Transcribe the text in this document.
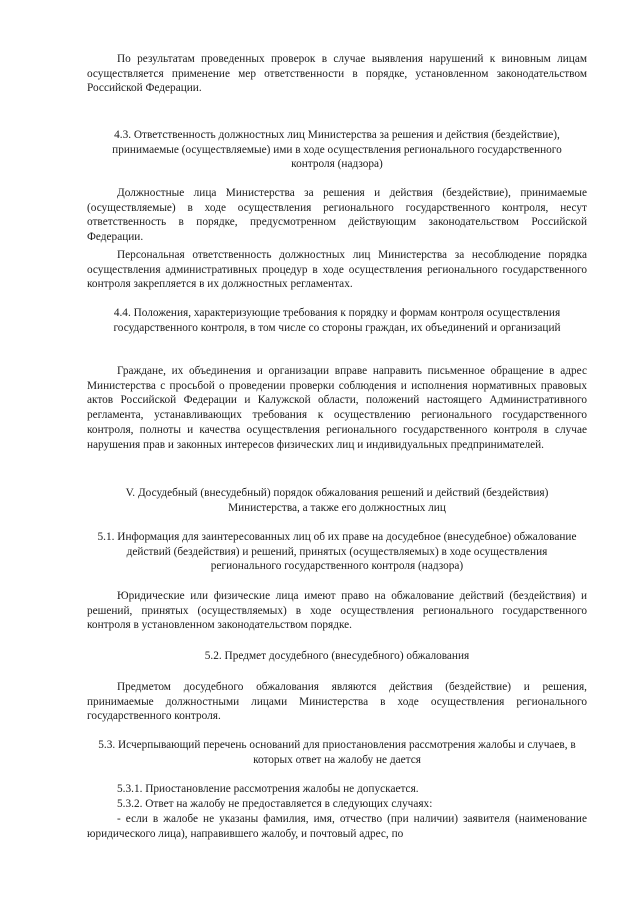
По результатам проведенных проверок в случае выявления нарушений к виновным лицам осуществляется применение мер ответственности в порядке, установленном законодательством Российской Федерации.

4.3. Ответственность должностных лиц Министерства за решения и действия (бездействие), принимаемые (осуществляемые) ими в ходе осуществления регионального государственного контроля (надзора)

Должностные лица Министерства за решения и действия (бездействие), принимаемые (осуществляемые) в ходе осуществления регионального государственного контроля, несут ответственность в порядке, предусмотренном действующим законодательством Российской Федерации.

Персональная ответственность должностных лиц Министерства за несоблюдение порядка осуществления административных процедур в ходе осуществления регионального государственного контроля закрепляется в их должностных регламентах.

4.4. Положения, характеризующие требования к порядку и формам контроля осуществления государственного контроля, в том числе со стороны граждан, их объединений и организаций

Граждане, их объединения и организации вправе направить письменное обращение в адрес Министерства с просьбой о проведении проверки соблюдения и исполнения нормативных правовых актов Российской Федерации и Калужской области, положений настоящего Административного регламента, устанавливающих требования к осуществлению регионального государственного контроля, полноты и качества осуществления регионального государственного контроля в случае нарушения прав и законных интересов физических лиц и индивидуальных предпринимателей.

V. Досудебный (внесудебный) порядок обжалования решений и действий (бездействия) Министерства, а также его должностных лиц

5.1. Информация для заинтересованных лиц об их праве на досудебное (внесудебное) обжалование действий (бездействия) и решений, принятых (осуществляемых) в ходе осуществления регионального государственного контроля (надзора)

Юридические или физические лица имеют право на обжалование действий (бездействия) и решений, принятых (осуществляемых) в ходе осуществления регионального государственного контроля в установленном законодательством порядке.

5.2. Предмет досудебного (внесудебного) обжалования

Предметом досудебного обжалования являются действия (бездействие) и решения, принимаемые должностными лицами Министерства в ходе осуществления регионального государственного контроля.

5.3. Исчерпывающий перечень оснований для приостановления рассмотрения жалобы и случаев, в которых ответ на жалобу не дается

5.3.1. Приостановление рассмотрения жалобы не допускается.

5.3.2. Ответ на жалобу не предоставляется в следующих случаях:

- если в жалобе не указаны фамилия, имя, отчество (при наличии) заявителя (наименование юридического лица), направившего жалобу, и почтовый адрес, по
